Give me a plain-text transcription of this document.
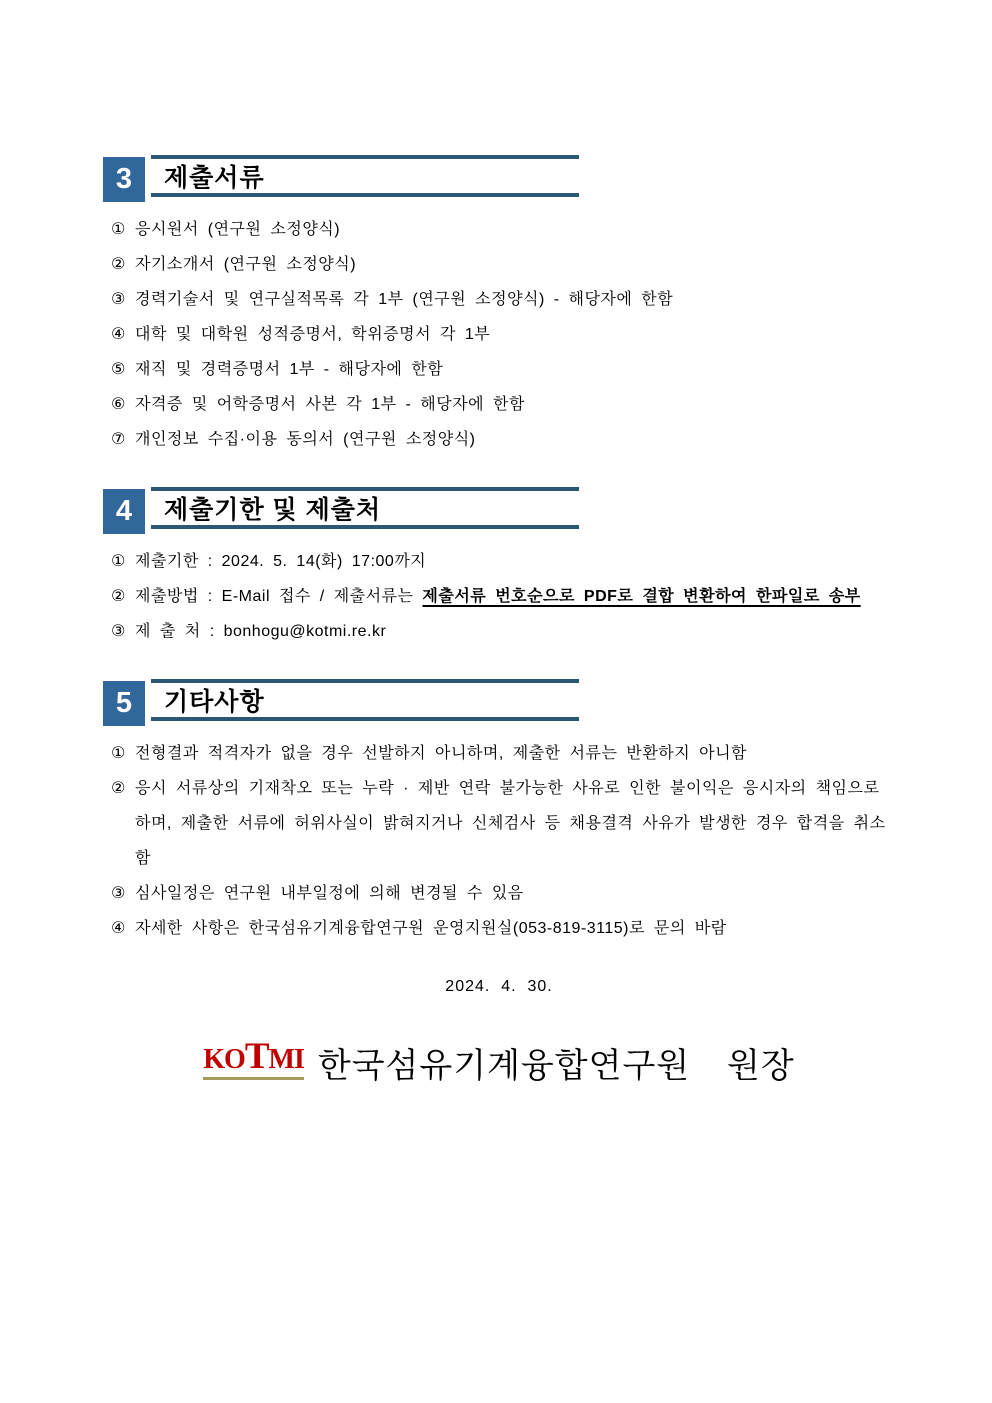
3	제출서류
① 응시원서 (연구원 소정양식)
② 자기소개서 (연구원 소정양식)
③ 경력기술서 및 연구실적목록 각 1부 (연구원 소정양식) - 해당자에 한함
④ 대학 및 대학원 성적증명서, 학위증명서 각 1부
⑤ 재직 및 경력증명서 1부 - 해당자에 한함
⑥ 자격증 및 어학증명서 사본 각 1부 - 해당자에 한함
⑦ 개인정보 수집·이용 동의서 (연구원 소정양식)
4	제출기한 및 제출처
① 제출기한 : 2024. 5. 14(화) 17:00까지
② 제출방법 : E-Mail 접수 / 제출서류는 제출서류 번호순으로 PDF로 결합 변환하여 한파일로 송부
③ 제 출 처 : bonhogu@kotmi.re.kr
5	기타사항
① 전형결과 적격자가 없을 경우 선발하지 아니하며, 제출한 서류는 반환하지 아니함
② 응시 서류상의 기재착오 또는 누락 · 제반 연락 불가능한 사유로 인한 불이익은 응시자의 책임으로 하며, 제출한 서류에 허위사실이 밝혀지거나 신체검사 등 채용결격 사유가 발생한 경우 합격을 취소함
③ 심사일정은 연구원 내부일정에 의해 변경될 수 있음
④ 자세한 사항은 한국섬유기계융합연구원 운영지원실(053-819-3115)로 문의 바람
2024.  4.  30.
KO T MI 한국섬유기계융합연구원  원장
